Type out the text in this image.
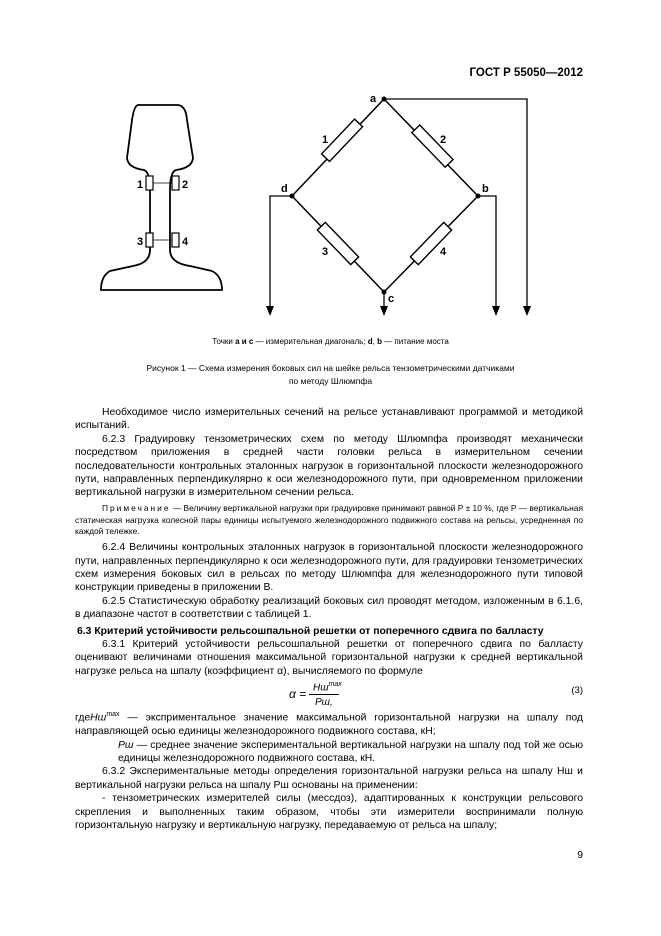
ГОСТ Р 55050—2012
1	2
3	4
1	2
3	4
a
b
c
d
Точки а и с — измерительная диагональ; d, b — питание моста
Рисунок 1 — Схема измерения боковых сил на шейке рельса тензометрическими датчиками
по методу Шлюмпфа

Необходимое число измерительных сечений на рельсе устанавливают программой и методикой испытаний.

6.2.3 Градуировку тензометрических схем по методу Шлюмпфа производят механически посредством приложения в средней части головки рельса в измерительном сечении последовательности контрольных эталонных нагрузок в горизонтальной плоскости железнодорожного пути, направленных перпендикулярно к оси железнодорожного пути, при одновременном приложении вертикальной нагрузки в измерительном сечении рельса.

Примечание — Величину вертикальной нагрузки при градуировке принимают равной P ± 10 %, где P — вертикальная статическая нагрузка колесной пары единицы испытуемого железнодорожного подвижного состава на рельсы, усредненная по каждой тележке.

6.2.4 Величины контрольных эталонных нагрузок в горизонтальной плоскости железнодорожного пути, направленных перпендикулярно к оси железнодорожного пути, для градуировки тензометрических схем измерения боковых сил в рельсах по методу Шлюмпфа для железнодорожного пути типовой конструкции приведены в приложении В.

6.2.5 Статистическую обработку реализаций боковых сил проводят методом, изложенным в 6.1.6, в диапазоне частот в соответствии с таблицей 1.

6.3 Критерий устойчивости рельсошпальной решетки от поперечного сдвига по балласту

6.3.1 Критерий устойчивости рельсошпальной решетки от поперечного сдвига по балласту оценивают величинами отношения максимальной горизонтальной нагрузки к средней вертикальной нагрузке рельса на шпалу (коэффициент α), вычисляемого по формуле

$\alpha = Hш^{max}$
Pш,
(3)
гдеHш$^{max}$ — эксприментальное значение максимальной горизонтальной нагрузки на шпалу под направляющей осью единицы железнодорожного подвижного состава, кН;
Pш — среднее значение экспериментальной вертикальной нагрузки на шпалу под той же осью единицы железнодорожного подвижного состава, кН.

6.3.2 Экспериментальные методы определения горизонтальной нагрузки рельса на шпалу Hш и вертикальной нагрузки рельса на шпалу Pш основаны на применении:

- тензометрических измерителей силы (мессдоз), адаптированных к конструкции рельсового скрепления и выполненных таким образом, чтобы эти измерители воспринимали полную горизонтальную нагрузку и вертикальную нагрузку, передаваемую от рельса на шпалу;

9
